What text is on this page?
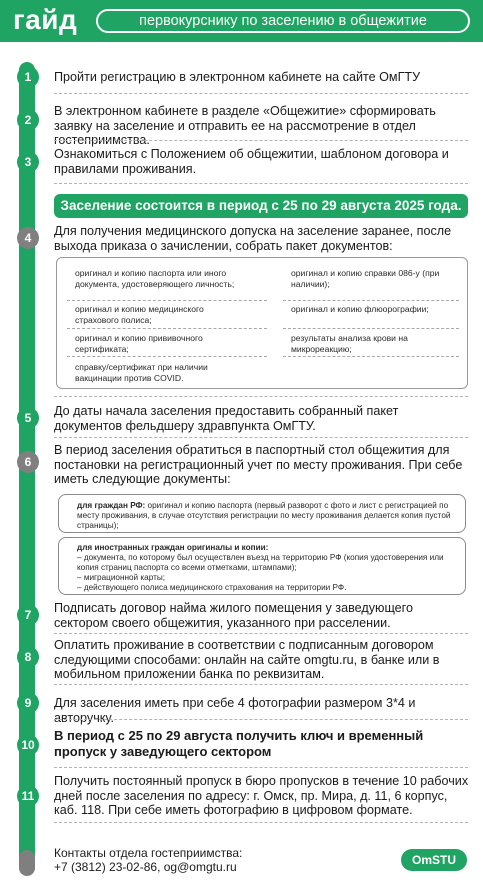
гайд	первокурснику по заселению в общежитие
1	Пройти регистрацию в электронном кабинете на сайте ОмГТУ
2
В электронном кабинете в разделе «Общежитие» сформировать заявку на заселение и отправить ее на рассмотрение в отдел гостеприимства.
3
Ознакомиться с Положением об общежитии, шаблоном договора и правилами проживания.
Заселение состоится в период с 25 по 29 августа 2025 года.
4	Для получения медицинского допуска на заселение заранее, после выхода приказа о зачислении, собрать пакет документов:
оригинал и копию паспорта или иного документа, удостоверяющего личность;
оригинал и копию медицинского страхового полиса;
оригинал и копию прививочного сертификата;
справку/сертификат при наличии вакцинации против COVID.
оригинал и копию справки 086-у (при наличии);
оригинал и копию флюорографии;
результаты анализа крови на микрореакцию;
5	До даты начала заселения предоставить собранный пакет документов фельдшеру здравпункта ОмГТУ.
6
В период заселения обратиться в паспортный стол общежития для постановки на регистрационный учет по месту проживания. При себе иметь следующие документы:
для граждан РФ: оригинал и копию паспорта (первый разворот с фото и лист с регистрацией по месту проживания, в случае отсутствия регистрации по месту проживания делается копия пустой страницы);
для иностранных граждан оригиналы и копии:
– документа, по которому был осуществлен въезд на территорию РФ (копия удостоверения или копия страниц паспорта со всеми отметками, штампами);
– миграционной карты;
– действующего полиса медицинского страхования на территории РФ.
7	Подписать договор найма жилого помещения у заведующего сектором своего общежития, указанного при расселении.
8
Оплатить проживание в соответствии с подписанным договором следующими способами: онлайн на сайте omgtu.ru, в банке или в мобильном приложении банка по реквизитам.
9	Для заселения иметь при себе 4 фотографии размером 3*4 и авторучку.
10
В период с 25 по 29 августа получить ключ и временный пропуск у заведующего сектором
11
Получить постоянный пропуск в бюро пропусков в течение 10 рабочих дней после заселения по адресу: г. Омск, пр. Мира, д. 11, 6 корпус, каб. 118. При себе иметь фотографию в цифровом формате.
Контакты отдела гостеприимства:
+7 (3812) 23-02-86, og@omgtu.ru	OmSTU
